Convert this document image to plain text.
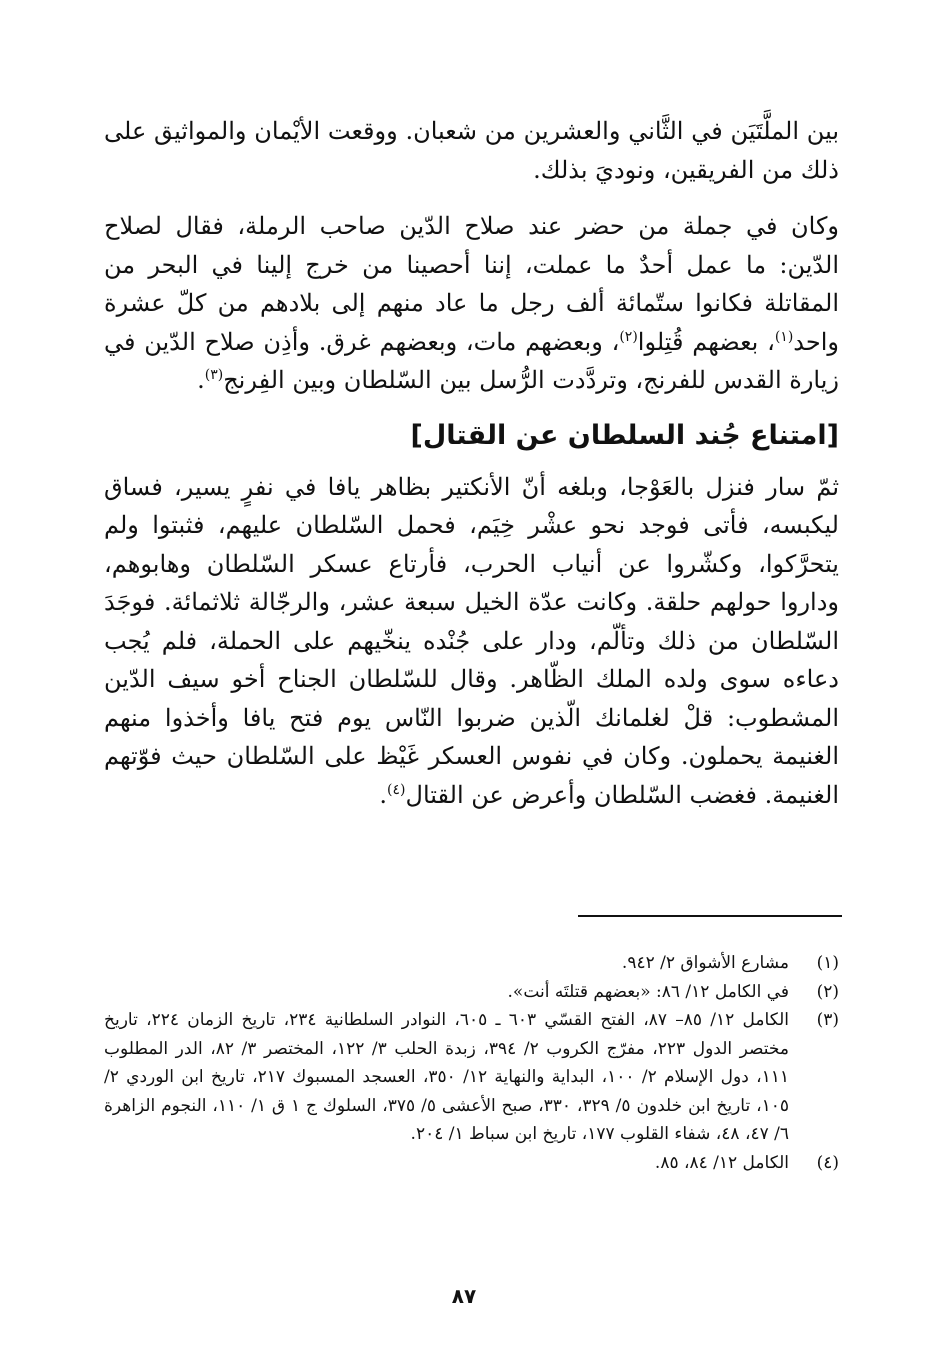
بين الملَّتَيَن في الثَّاني والعشرين من شعبان. ووقعت الأيْمان والمواثيق على ذلك من الفريقين، ونوديَ بذلك.

وكان في جملة من حضر عند صلاح الدّين صاحب الرملة، فقال لصلاح الدّين: ما عمل أحدٌ ما عملت، إننا أحصينا من خرج إلينا في البحر من المقاتلة فكانوا ستّمائة ألف رجل ما عاد منهم إلى بلادهم من كلّ عشرة واحد$^{(١)}$، بعضهم قُتِلوا$^{(٢)}$، وبعضهم مات، وبعضهم غرق. وأذِن صلاح الدّين في زيارة القدس للفرنج، وتردَّدت الرُّسل بين السّلطان وبين الفِرنج$^{(٣)}$.

[امتناع جُند السلطان عن القتال]

ثمّ سار فنزل بالعَوْجا، وبلغه أنّ الأنكتير بظاهر يافا في نفرٍ يسير، فساق ليكبسه، فأتى فوجد نحو عشْر خِيَم، فحمل السّلطان عليهم، فثبتوا ولم يتحرَّكوا، وكشّروا عن أنياب الحرب، فأرتاع عسكر السّلطان وهابوهم، وداروا حولهم حلقة. وكانت عدّة الخيل سبعة عشر، والرجّالة ثلاثمائة. فوجَدَ السّلطان من ذلك وتألّم، ودار على جُنْده ينخّيهم على الحملة، فلم يُجب دعاءه سوى ولده الملك الظّاهر. وقال للسّلطان الجناح أخو سيف الدّين المشطوب: قلْ لغلمانك الّذين ضربوا النّاس يوم فتح يافا وأخذوا منهم الغنيمة يحملون. وكان في نفوس العسكر غَيْظ على السّلطان حيث فوّتهم الغنيمة. فغضب السّلطان وأعرض عن القتال$^{(٤)}$.

(١)
مشارع الأشواق ٢/ ٩٤٢.
(٢)
في الكامل ١٢/ ٨٦: «بعضهم قتلتَه أنت».
(٣)
الكامل ١٢/ ٨٥– ٨٧، الفتح القسّي ٦٠٣ ـ ٦٠٥، النوادر السلطانية ٢٣٤، تاريخ الزمان ٢٢٤، تاريخ مختصر الدول ٢٢٣، مفرّج الكروب ٢/ ٣٩٤، زبدة الحلب ٣/ ١٢٢، المختصر ٣/ ٨٢، الدر المطلوب ١١١، دول الإسلام ٢/ ١٠٠، البداية والنهاية ١٢/ ٣٥٠، العسجد المسبوك ٢١٧، تاريخ ابن الوردي ٢/ ١٠٥، تاريخ ابن خلدون ٥/ ٣٢٩، ٣٣٠، صبح الأعشى ٥/ ٣٧٥، السلوك ج ١ ق ١/ ١١٠، النجوم الزاهرة ٦/ ٤٧، ٤٨، شفاء القلوب ١٧٧، تاريخ ابن سباط ١/ ٢٠٤.
(٤)
الكامل ١٢/ ٨٤، ٨٥.
٨٧
